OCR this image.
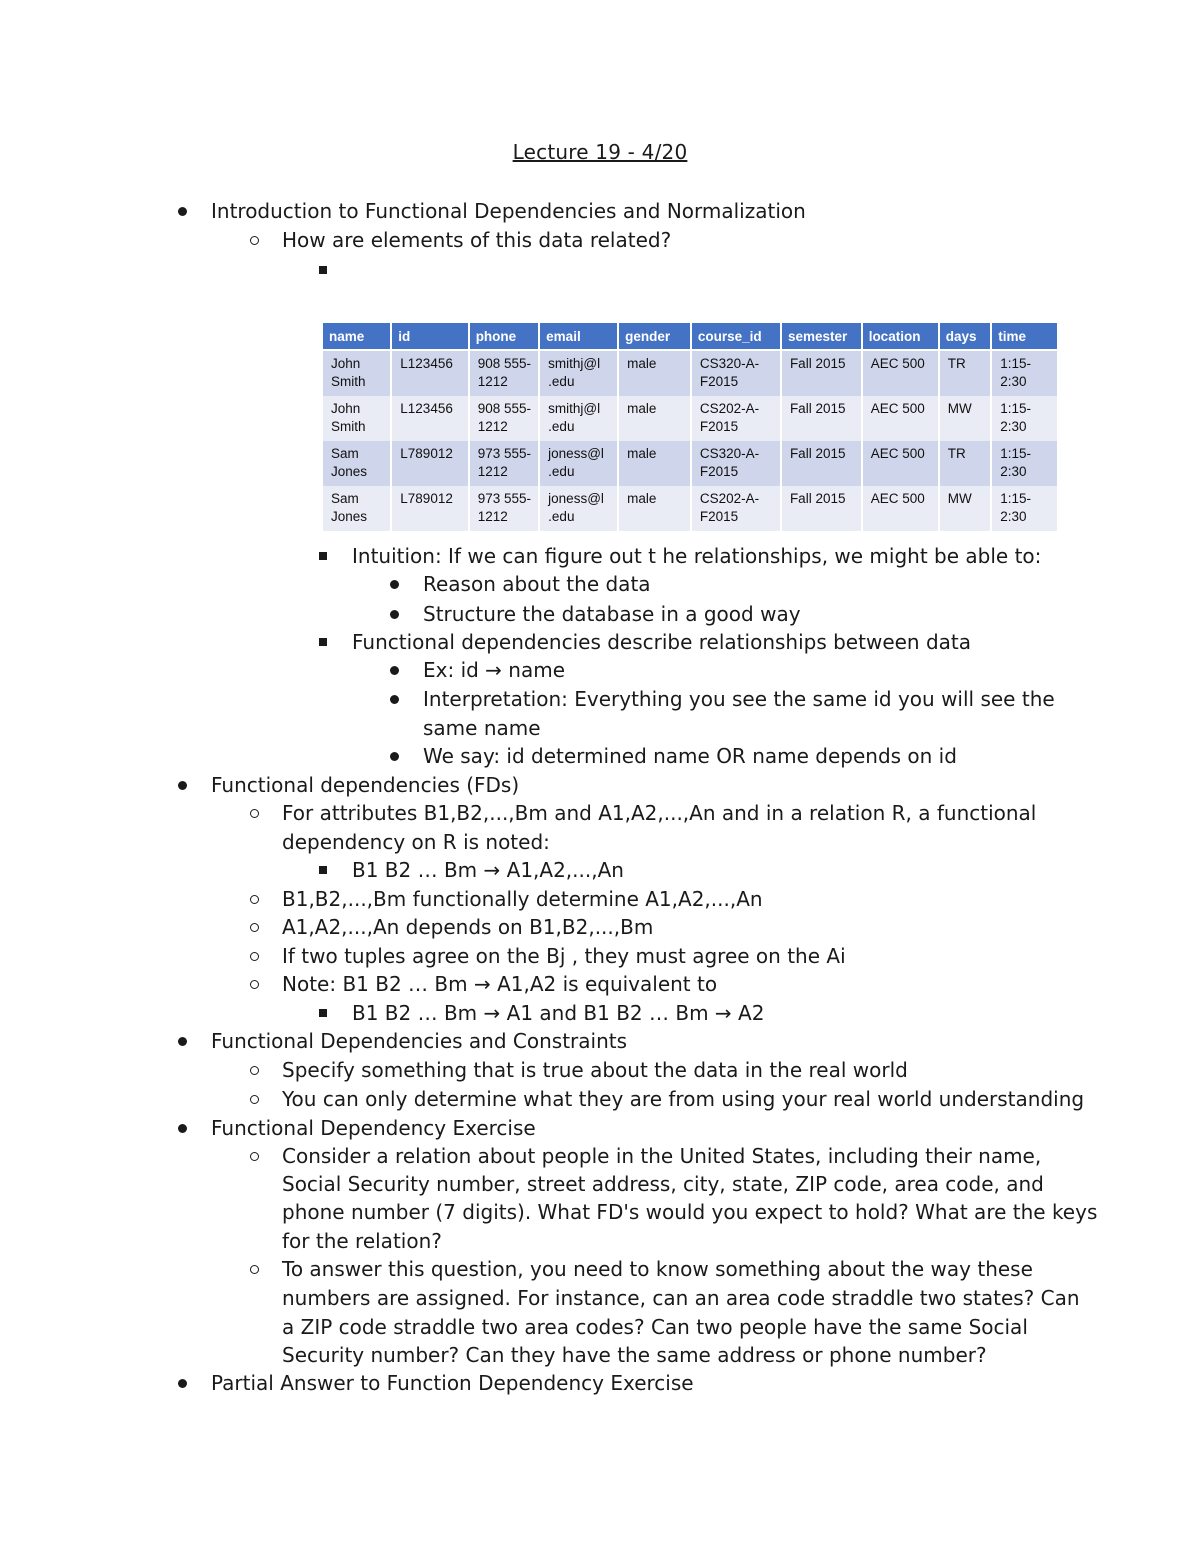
Lecture 19 - 4/20
Introduction to Functional Dependencies and Normalization
How are elements of this data related?
Intuition: If we can figure out t he relationships, we might be able to:
Reason about the data
Structure the database in a good way
Functional dependencies describe relationships between data
Ex: id → name
Interpretation: Everything you see the same id you will see the
same name
We say: id determined name OR name depends on id
Functional dependencies (FDs)
For attributes B1,B2,...,Bm and A1,A2,...,An and in a relation R, a functional
dependency on R is noted:
B1 B2 … Bm → A1,A2,...,An
B1,B2,...,Bm functionally determine A1,A2,...,An
A1,A2,...,An depends on B1,B2,...,Bm
If two tuples agree on the Bj , they must agree on the Ai
Note: B1 B2 … Bm → A1,A2 is equivalent to
B1 B2 … Bm → A1 and B1 B2 … Bm → A2
Functional Dependencies and Constraints
Specify something that is true about the data in the real world
You can only determine what they are from using your real world understanding
Functional Dependency Exercise
Consider a relation about people in the United States, including their name,
Social Security number, street address, city, state, ZIP code, area code, and
phone number (7 digits). What FD's would you expect to hold? What are the keys
for the relation?
To answer this question, you need to know something about the way these
numbers are assigned. For instance, can an area code straddle two states? Can
a ZIP code straddle two area codes? Can two people have the same Social
Security number? Can they have the same address or phone number?
Partial Answer to Function Dependency Exercise
name	id	phone	email	gender	course_id	semester	location	days	time

John
Smith	L123456	908 555-
1212	smithj@l
.edu	male	CS320-A-
F2015	Fall 2015	AEC 500	TR	1:15-
2:30

John
Smith	L123456	908 555-
1212	smithj@l
.edu	male	CS202-A-
F2015	Fall 2015	AEC 500	MW	1:15-
2:30

Sam
Jones	L789012	973 555-
1212	joness@l
.edu	male	CS320-A-
F2015	Fall 2015	AEC 500	TR	1:15-
2:30

Sam
Jones	L789012	973 555-
1212	joness@l
.edu	male	CS202-A-
F2015	Fall 2015	AEC 500	MW	1:15-
2:30
